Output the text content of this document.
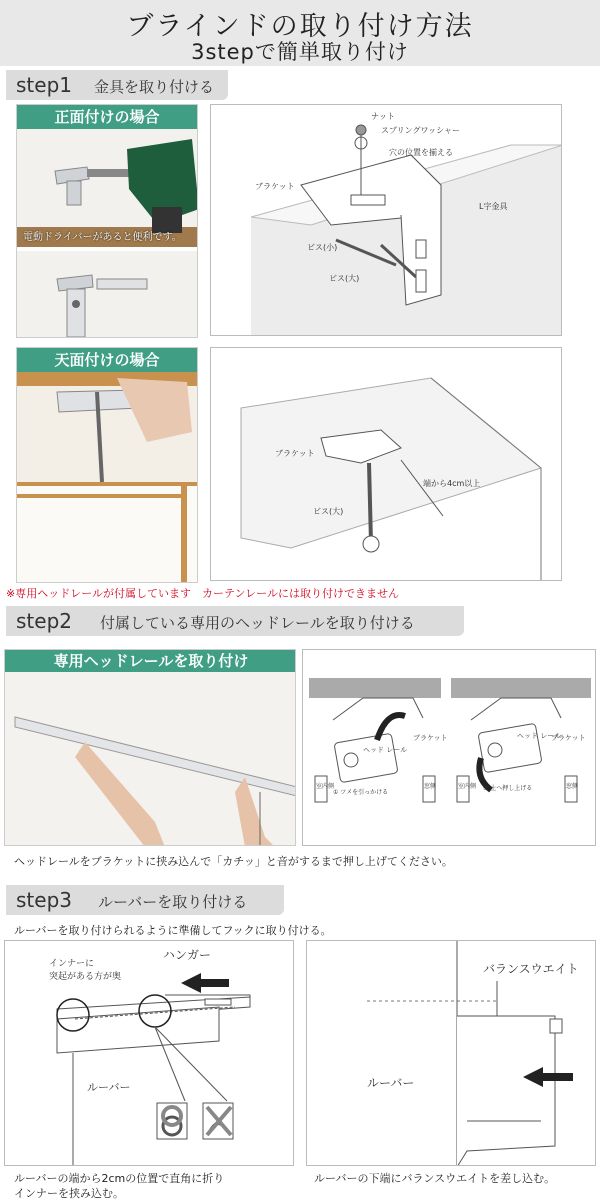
ブラインドの取り付け方法
3stepで簡単取り付け
step1 金具を取り付ける
正面付けの場合
電動ドライバーがあると便利です。
ナット
スプリングワッシャー
穴の位置を揃える
ブラケット
L字金具
ビス(小)
ビス(大)
天面付けの場合
ブラケット
端から4cm以上
ビス(大)
※専用ヘッドレールが付属しています　カーテンレールには取り付けできません
step2 付属している専用のヘッドレールを取り付ける
専用ヘッドレールを取り付け
ブラケット
ヘッド レール
① ツメを引っかける
室内側	窓側
ヘッド レール
ブラケット
② 上へ押し上げる
室内側	窓側
ヘッドレールをブラケットに挟み込んで「カチッ」と音がするまで押し上げてください。
step3 ルーバーを取り付ける
ルーバーを取り付けられるように準備してフックに取り付ける。
ハンガー
インナーに
突起がある方が奥
ルーバー
バランスウエイト
ルーバー
ルーバーの端から2cmの位置で直角に折り
インナーを挟み込む。
ルーバーの下端にバランスウエイトを差し込む。
